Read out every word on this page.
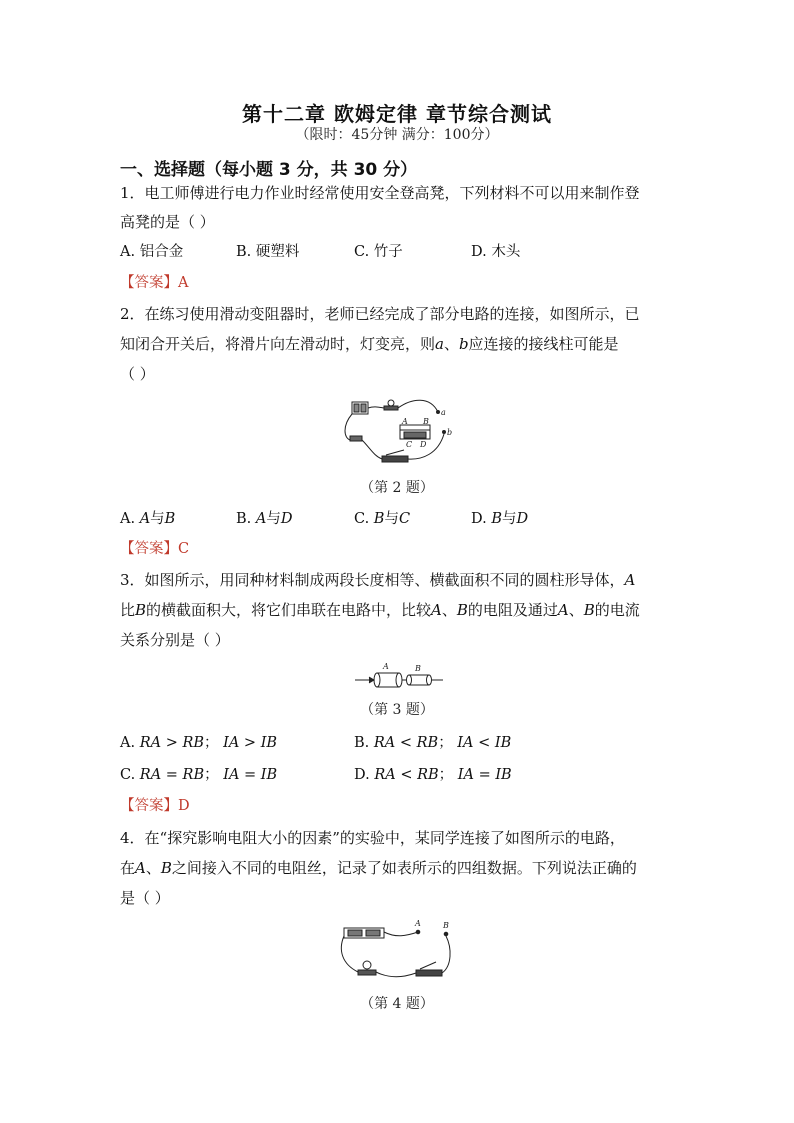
第十二章 欧姆定律 章节综合测试
（限时：45分钟 满分：100分）
一、选择题（每小题 3 分，共 30 分）
1．电工师傅进行电力作业时经常使用安全登高凳，下列材料不可以用来制作登
高凳的是（ ）
A. 铝合金	B. 硬塑料	C. 竹子	D. 木头
【答案】A
2．在练习使用滑动变阻器时，老师已经完成了部分电路的连接，如图所示，已
知闭合开关后，将滑片向左滑动时，灯变亮，则𝑎、𝑏应连接的接线柱可能是
（ ）
a
b
A B
C D
（第 2 题）
A. 𝐴与𝐵	B. 𝐴与𝐷	C. 𝐵与𝐶	D. 𝐵与𝐷
【答案】C
3．如图所示，用同种材料制成两段长度相等、横截面积不同的圆柱形导体，𝐴
比𝐵的横截面积大，将它们串联在电路中，比较𝐴、𝐵的电阻及通过𝐴、𝐵的电流
关系分别是（ ）
A	B
（第 3 题）
A. 𝑅𝐴 > 𝑅𝐵； 𝐼𝐴 > 𝐼𝐵	B. 𝑅𝐴 < 𝑅𝐵； 𝐼𝐴 < 𝐼𝐵
C. 𝑅𝐴 = 𝑅𝐵； 𝐼𝐴 = 𝐼𝐵	D. 𝑅𝐴 < 𝑅𝐵； 𝐼𝐴 = 𝐼𝐵
【答案】D
4．在“探究影响电阻大小的因素”的实验中，某同学连接了如图所示的电路，
在𝐴、𝐵之间接入不同的电阻丝，记录了如表所示的四组数据。下列说法正确的
是（ ）
A	B
（第 4 题）
